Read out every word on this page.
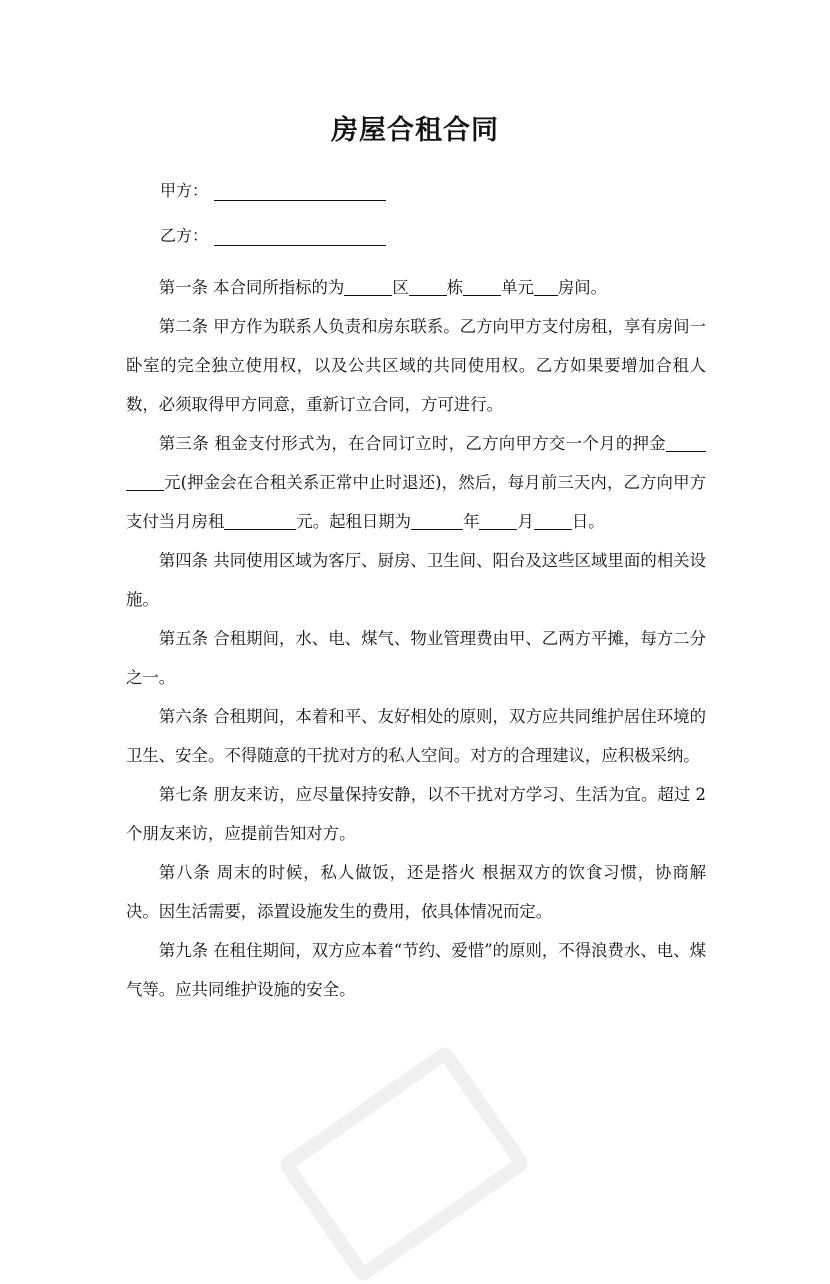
房屋合租合同
甲方：
乙方：

第一条 本合同所指标的为	区 栋 单元 房间。

第二条 甲方作为联系人负责和房东联系。乙方向甲方支付房租，享有房间一卧室的完全独立使用权，以及公共区域的共同使用权。乙方如果要增加合租人数，必须取得甲方同意，重新订立合同，方可进行。

第三条 租金支付形式为，在合同订立时，乙方向甲方交一个月的押金元(押金会在合租关系正常中止时退还)，然后，每月前三天内，乙方向甲方支付当月房租	元。起租日期为	年 月 日。

第四条 共同使用区域为客厅、厨房、卫生间、阳台及这些区域里面的相关设施。

第五条 合租期间，水、电、煤气、物业管理费由甲、乙两方平摊，每方二分之一。

第六条 合租期间，本着和平、友好相处的原则，双方应共同维护居住环境的卫生、安全。不得随意的干扰对方的私人空间。对方的合理建议，应积极采纳。

第七条 朋友来访，应尽量保持安静，以不干扰对方学习、生活为宜。超过 2 个朋友来访，应提前告知对方。

第八条 周末的时候，私人做饭，还是搭火 根据双方的饮食习惯，协商解决。因生活需要，添置设施发生的费用，依具体情况而定。

第九条 在租住期间，双方应本着“节约、爱惜”的原则，不得浪费水、电、煤气等。应共同维护设施的安全。
